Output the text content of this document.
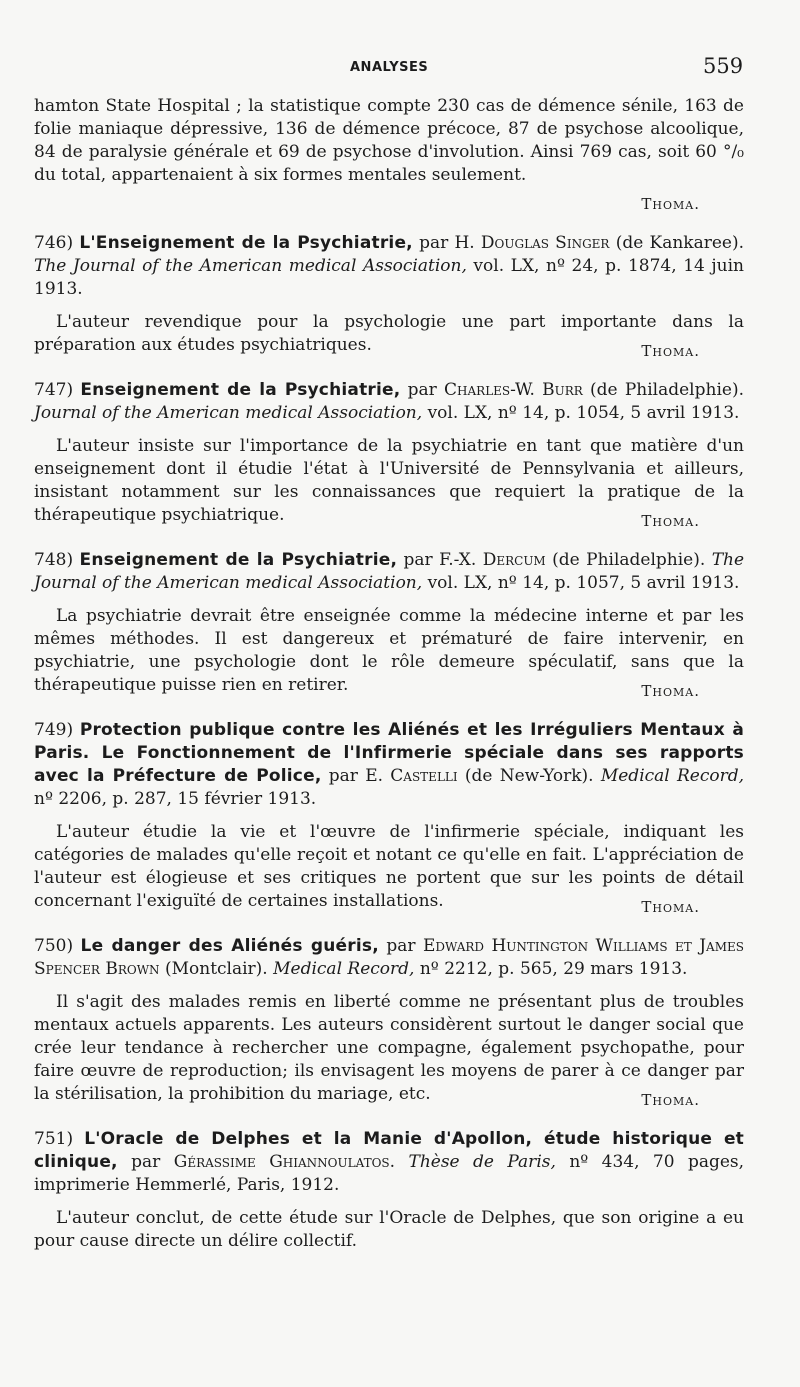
ANALYSES	559

hamton State Hospital ; la statistique compte 230 cas de démence sénile, 163 de folie maniaque dépressive, 136 de démence précoce, 87 de psychose alcoolique, 84 de paralysie générale et 69 de psychose d'involution. Ainsi 769 cas, soit 60 °/₀ du total, appartenaient à six formes mentales seulement.

Thoma.

746) L'Enseignement de la Psychiatrie, par H. Douglas Singer (de Kankaree). The Journal of the American medical Association, vol. LX, nº 24, p. 1874, 14 juin 1913.

L'auteur revendique pour la psychologie une part importante dans la préparation aux études psychiatriques.	Thoma.

747) Enseignement de la Psychiatrie, par Charles-W. Burr (de Philadelphie). Journal of the American medical Association, vol. LX, nº 14, p. 1054, 5 avril 1913.

L'auteur insiste sur l'importance de la psychiatrie en tant que matière d'un enseignement dont il étudie l'état à l'Université de Pennsylvania et ailleurs, insistant notamment sur les connaissances que requiert la pratique de la thérapeutique psychiatrique.	Thoma.

748) Enseignement de la Psychiatrie, par F.-X. Dercum (de Philadelphie). The Journal of the American medical Association, vol. LX, nº 14, p. 1057, 5 avril 1913.

La psychiatrie devrait être enseignée comme la médecine interne et par les mêmes méthodes. Il est dangereux et prématuré de faire intervenir, en psychiatrie, une psychologie dont le rôle demeure spéculatif, sans que la thérapeutique puisse rien en retirer.	Thoma.

749) Protection publique contre les Aliénés et les Irréguliers Mentaux à Paris. Le Fonctionnement de l'Infirmerie spéciale dans ses rapports avec la Préfecture de Police, par E. Castelli (de New-York). Medical Record, nº 2206, p. 287, 15 février 1913.

L'auteur étudie la vie et l'œuvre de l'infirmerie spéciale, indiquant les catégories de malades qu'elle reçoit et notant ce qu'elle en fait. L'appréciation de l'auteur est élogieuse et ses critiques ne portent que sur les points de détail concernant l'exiguïté de certaines installations.	Thoma.

750) Le danger des Aliénés guéris, par Edward Huntington Williams et James Spencer Brown (Montclair). Medical Record, nº 2212, p. 565, 29 mars 1913.

Il s'agit des malades remis en liberté comme ne présentant plus de troubles mentaux actuels apparents. Les auteurs considèrent surtout le danger social que crée leur tendance à rechercher une compagne, également psychopathe, pour faire œuvre de reproduction; ils envisagent les moyens de parer à ce danger par la stérilisation, la prohibition du mariage, etc.	Thoma.

751) L'Oracle de Delphes et la Manie d'Apollon, étude historique et clinique, par Gérassime Ghiannoulatos. Thèse de Paris, nº 434, 70 pages, imprimerie Hemmerlé, Paris, 1912.

L'auteur conclut, de cette étude sur l'Oracle de Delphes, que son origine a eu pour cause directe un délire collectif.
